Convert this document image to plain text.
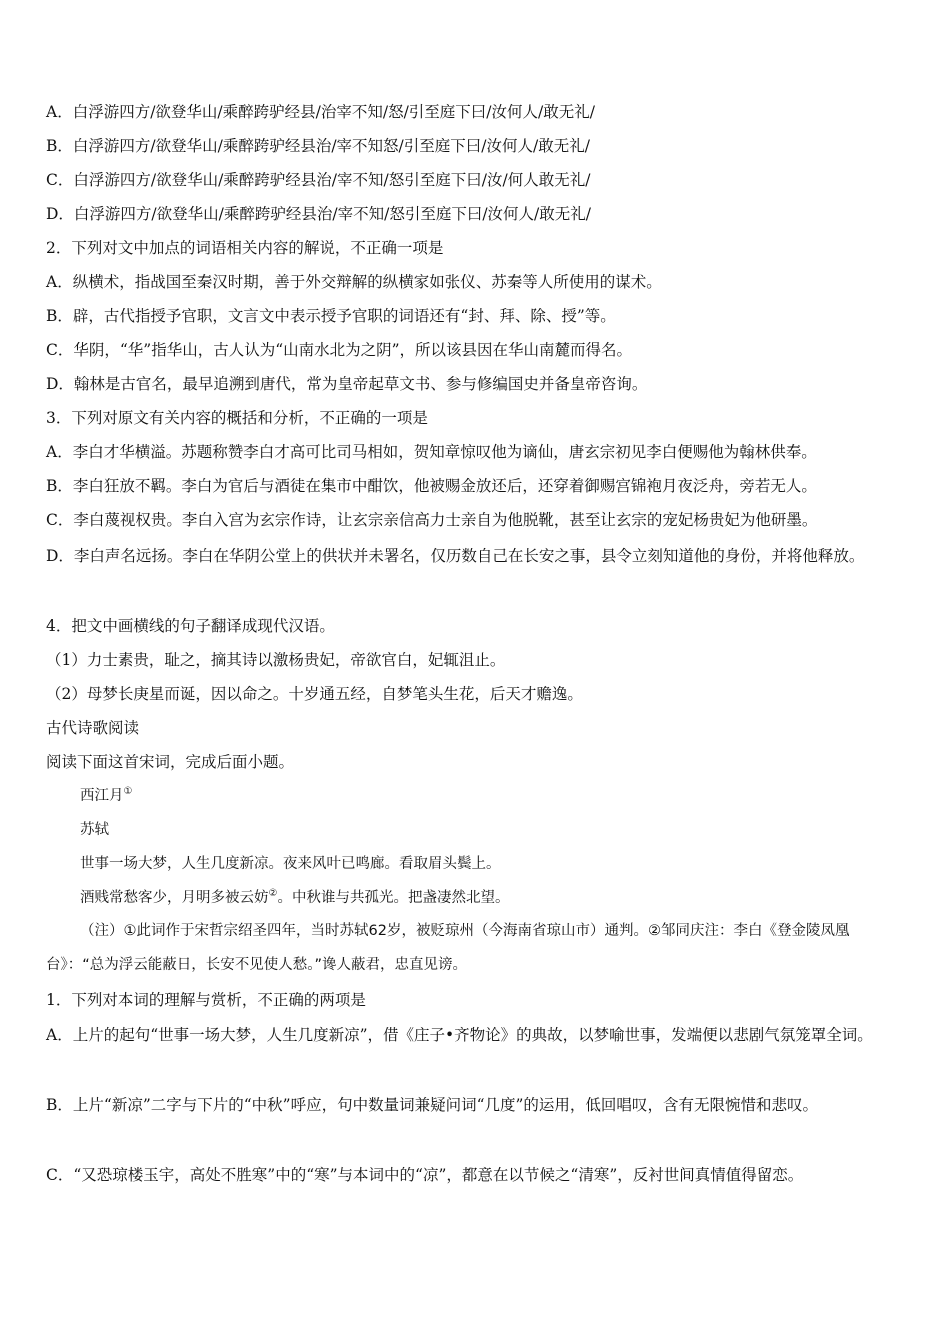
A．白浮游四方/欲登华山/乘醉跨驴经县/治宰不知/怒/引至庭下曰/汝何人/敢无礼/
B．白浮游四方/欲登华山/乘醉跨驴经县治/宰不知怒/引至庭下曰/汝何人/敢无礼/
C．白浮游四方/欲登华山/乘醉跨驴经县治/宰不知/怒引至庭下曰/汝/何人敢无礼/
D．白浮游四方/欲登华山/乘醉跨驴经县治/宰不知/怒引至庭下曰/汝何人/敢无礼/
2．下列对文中加点的词语相关内容的解说，不正确一项是
A．纵横术，指战国至秦汉时期，善于外交辩解的纵横家如张仪、苏秦等人所使用的谋术。
B．辟，古代指授予官职，文言文中表示授予官职的词语还有“封、拜、除、授”等。
C．华阴，“华”指华山，古人认为“山南水北为之阴”，所以该县因在华山南麓而得名。
D．翰林是古官名，最早追溯到唐代，常为皇帝起草文书、参与修编国史并备皇帝咨询。
3．下列对原文有关内容的概括和分析，不正确的一项是
A．李白才华横溢。苏题称赞李白才高可比司马相如，贺知章惊叹他为谪仙，唐玄宗初见李白便赐他为翰林供奉。
B．李白狂放不羁。李白为官后与酒徒在集市中酣饮，他被赐金放还后，还穿着御赐宫锦袍月夜泛舟，旁若无人。
C．李白蔑视权贵。李白入宫为玄宗作诗，让玄宗亲信高力士亲自为他脱靴，甚至让玄宗的宠妃杨贵妃为他研墨。
D．李白声名远扬。李白在华阴公堂上的供状并未署名，仅历数自己在长安之事，县令立刻知道他的身份，并将他释放。
4．把文中画横线的句子翻译成现代汉语。
（1）力士素贵，耻之，摘其诗以激杨贵妃，帝欲官白，妃辄沮止。
（2）母梦长庚星而诞，因以命之。十岁通五经，自梦笔头生花，后天才赡逸。
古代诗歌阅读
阅读下面这首宋词，完成后面小题。
西江月①
苏轼
世事一场大梦，人生几度新凉。夜来风叶已鸣廊。看取眉头鬓上。
酒贱常愁客少，月明多被云妨②。中秋谁与共孤光。把盏凄然北望。
（注）①此词作于宋哲宗绍圣四年，当时苏轼62岁，被贬琼州（今海南省琼山市）通判。②邹同庆注：李白《登金陵凤凰台》：“总为浮云能蔽日，长安不见使人愁。”谗人蔽君，忠直见谤。
1．下列对本词的理解与赏析，不正确的两项是
A．上片的起句“世事一场大梦，人生几度新凉”，借《庄子•齐物论》的典故，以梦喻世事，发端便以悲剧气氛笼罩全词。
B．上片“新凉”二字与下片的“中秋”呼应，句中数量词兼疑问词“几度”的运用，低回唱叹，含有无限惋惜和悲叹。
C．“又恐琼楼玉宇，高处不胜寒”中的“寒”与本词中的“凉”，都意在以节候之“清寒”，反衬世间真情值得留恋。
